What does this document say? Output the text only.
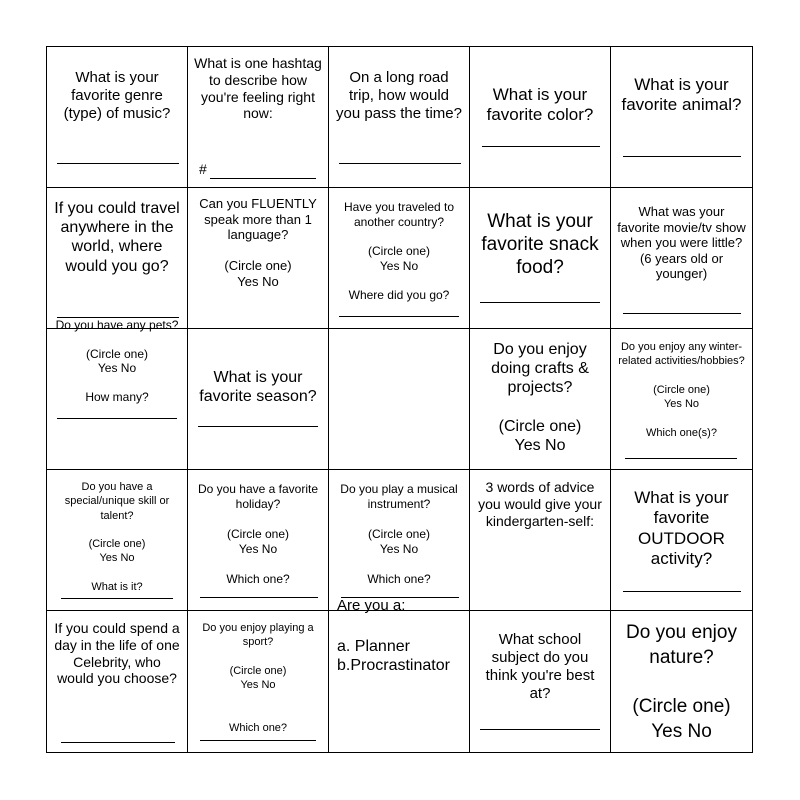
What is your favorite genre (type) of music?
What is one hashtag to describe how you're feeling right now:
#
On a long road trip, how would you pass the time?
What is your favorite color?
What is your favorite animal?
If you could travel anywhere in the world, where would you go?
Do you have any pets?
Can you FLUENTLY speak more than 1 language?

(Circle one)
Yes No
Have you traveled to another country?

(Circle one)
Yes No

Where did you go?
What is your favorite snack food?
What was your favorite movie/tv show when you were little? (6 years old or younger)
(Circle one)
Yes No

How many?
What is your favorite season?
Do you enjoy doing crafts & projects?

(Circle one)
Yes No
Do you enjoy any winter-related activities/hobbies?

(Circle one)
Yes No

Which one(s)?
Do you have a special/unique skill or talent?

(Circle one)
Yes No

What is it?
Do you have a favorite holiday?

(Circle one)
Yes No

Which one?
Do you play a musical instrument?

(Circle one)
Yes No

Which one?
Are you a:
3 words of advice you would give your kindergarten-self:
What is your favorite OUTDOOR activity?
If you could spend a day in the life of one Celebrity, who would you choose?
Do you enjoy playing a sport?

(Circle one)
Yes No

Which one?
a. Planner
b.Procrastinator
What school subject do you think you're best at?
Do you enjoy nature?

(Circle one)
Yes No
